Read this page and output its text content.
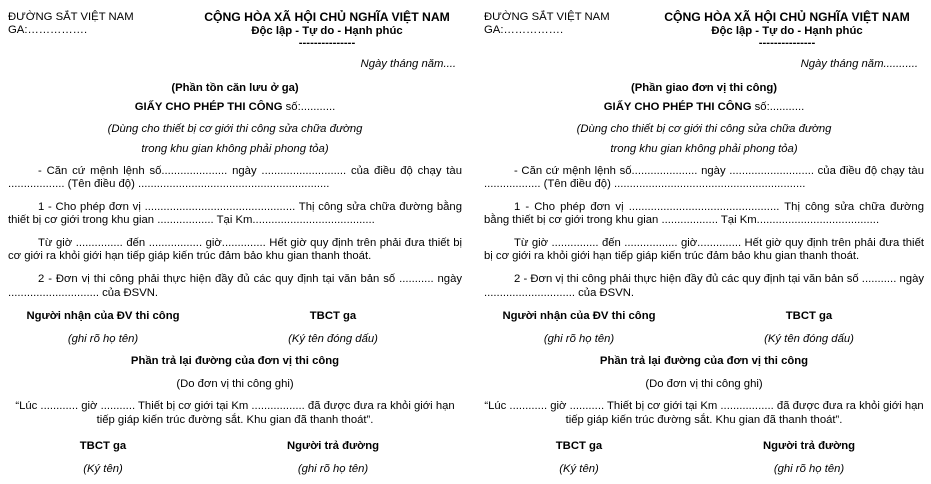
ĐƯỜNG SẮT VIỆT NAM
GA:…………….
CỘNG HÒA XÃ HỘI CHỦ NGHĨA VIỆT NAM
Độc lập - Tự do - Hạnh phúc
---------------
Ngày tháng năm....
(Phần tồn căn lưu ở ga)
GIẤY CHO PHÉP THI CÔNG số:...........
(Dùng cho thiết bị cơ giới thi công sửa chữa đường
trong khu gian không phải phong tỏa)

- Căn cứ mệnh lệnh số..................... ngày ........................... của điều độ chạy tàu .................. (Tên điều độ) .............................................................

1 - Cho phép đơn vị ................................................ Thị công sửa chữa đường bằng thiết bị cơ giới trong khu gian .................. Tại Km.......................................

Từ giờ ............... đến ................. giờ.............. Hết giờ quy định trên phải đưa thiết bị cơ giới ra khỏi giới hạn tiếp giáp kiến trúc đảm bảo khu gian thanh thoát.

2 - Đơn vị thi công phải thực hiện đầy đủ các quy định tại văn bản số ........... ngày ............................. của ĐSVN.

Người nhận của ĐV thi công
(ghi rõ họ tên)
TBCT ga
(Ký tên đóng dấu)
Phần trả lại đường của đơn vị thi công
(Do đơn vị thi công ghi)
“Lúc ............ giờ ........... Thiết bị cơ giới tại Km ................. đã được đưa ra khỏi giới hạn tiếp giáp kiến trúc đường sắt. Khu gian đã thanh thoát”.
TBCT ga
(Ký tên)
Người trả đường
(ghi rõ họ tên)
ĐƯỜNG SẮT VIỆT NAM
GA:…………….
CỘNG HÒA XÃ HỘI CHỦ NGHĨA VIỆT NAM
Độc lập - Tự do - Hạnh phúc
---------------
Ngày tháng năm...........
(Phần giao đơn vị thi công)
GIẤY CHO PHÉP THI CÔNG số:...........
(Dùng cho thiết bị cơ giới thi công sửa chữa đường
trong khu gian không phải phong tỏa)

- Căn cứ mệnh lệnh số..................... ngày ........................... của điều độ chạy tàu .................. (Tên điều độ) .............................................................

1 - Cho phép đơn vị ................................................ Thị công sửa chữa đường bằng thiết bị cơ giới trong khu gian .................. Tại Km.......................................

Từ giờ ............... đến ................. giờ.............. Hết giờ quy định trên phải đưa thiết bị cơ giới ra khỏi giới hạn tiếp giáp kiến trúc đảm bảo khu gian thanh thoát.

2 - Đơn vị thi công phải thực hiện đầy đủ các quy định tại văn bản số ........... ngày ............................. của ĐSVN.

Người nhận của ĐV thi công
(ghi rõ họ tên)
TBCT ga
(Ký tên đóng dấu)
Phần trả lại đường của đơn vị thi công
(Do đơn vị thi công ghi)
“Lúc ............ giờ ........... Thiết bị cơ giới tại Km ................. đã được đưa ra khỏi giới hạn tiếp giáp kiến trúc đường sắt. Khu gian đã thanh thoát”.
TBCT ga
(Ký tên)
Người trả đường
(ghi rõ họ tên)
